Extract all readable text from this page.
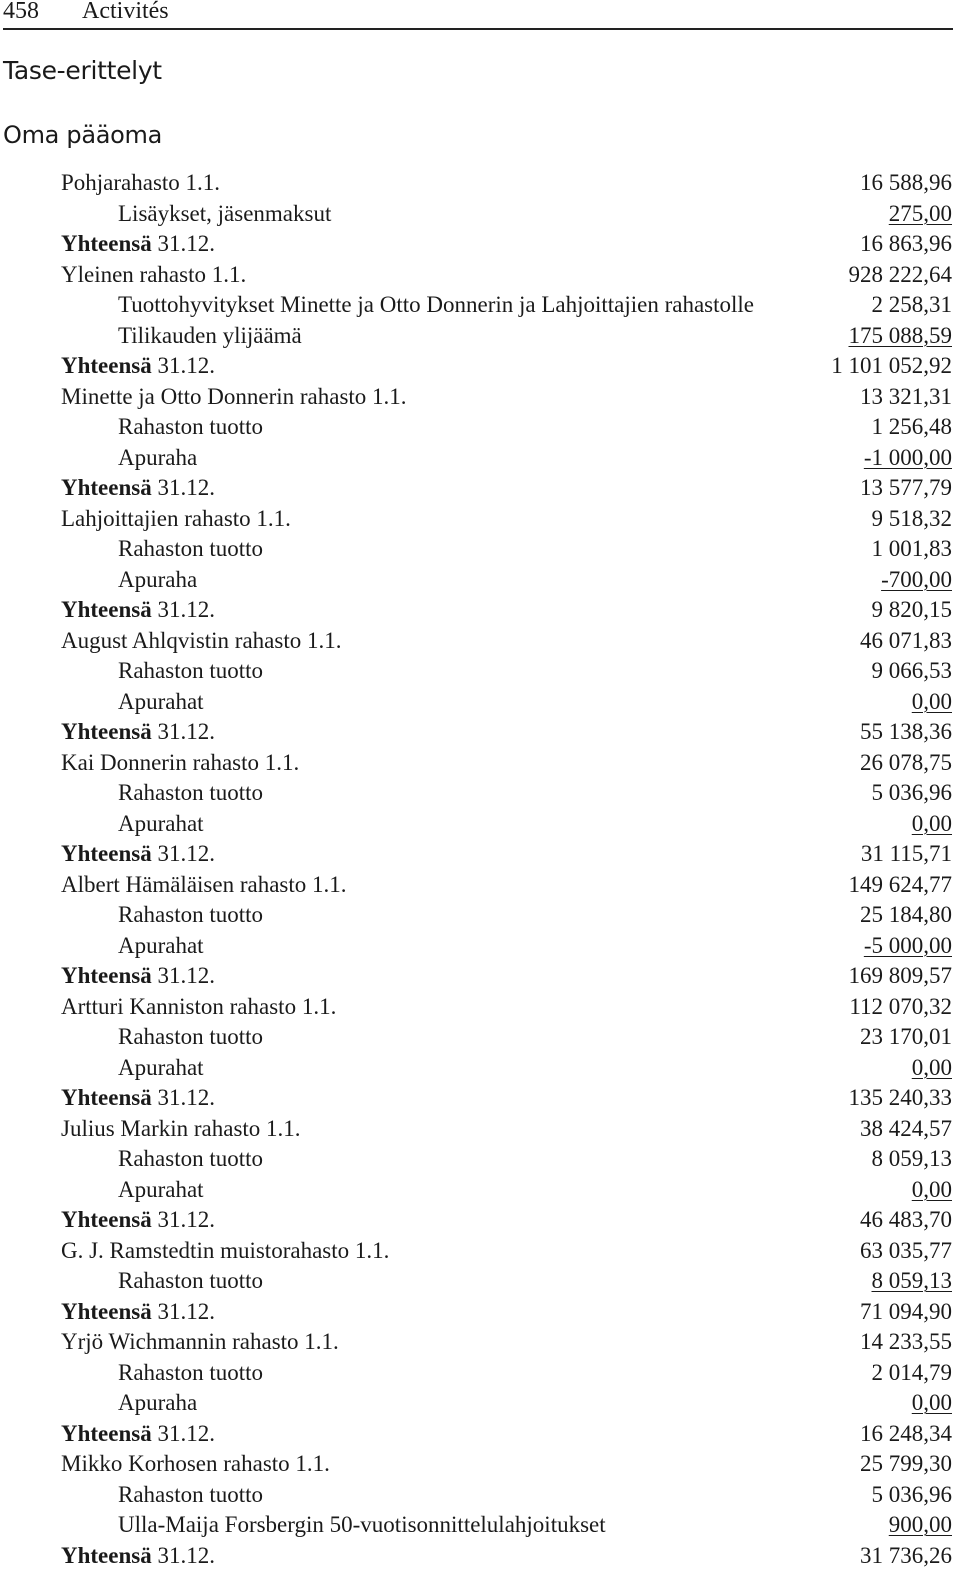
458 Activités
Tase-erittelyt
Oma pääoma
Pohjarahasto 1.1.	16 588,96
Lisäykset, jäsenmaksut	275,00
Yhteensä 31.12.	16 863,96
Yleinen rahasto 1.1.	928 222,64
Tuottohyvitykset Minette ja Otto Donnerin ja Lahjoittajien rahastolle	2 258,31
Tilikauden ylijäämä	175 088,59
Yhteensä 31.12.	1 101 052,92
Minette ja Otto Donnerin rahasto 1.1.	13 321,31
Rahaston tuotto	1 256,48
Apuraha	-1 000,00
Yhteensä 31.12.	13 577,79
Lahjoittajien rahasto 1.1.	9 518,32
Rahaston tuotto	1 001,83
Apuraha	-700,00
Yhteensä 31.12.	9 820,15
August Ahlqvistin rahasto 1.1.	46 071,83
Rahaston tuotto	9 066,53
Apurahat	0,00
Yhteensä 31.12.	55 138,36
Kai Donnerin rahasto 1.1.	26 078,75
Rahaston tuotto	5 036,96
Apurahat	0,00
Yhteensä 31.12.	31 115,71
Albert Hämäläisen rahasto 1.1.	149 624,77
Rahaston tuotto	25 184,80
Apurahat	-5 000,00
Yhteensä 31.12.	169 809,57
Artturi Kanniston rahasto 1.1.	112 070,32
Rahaston tuotto	23 170,01
Apurahat	0,00
Yhteensä 31.12.	135 240,33
Julius Markin rahasto 1.1.	38 424,57
Rahaston tuotto	8 059,13
Apurahat	0,00
Yhteensä 31.12.	46 483,70
G. J. Ramstedtin muistorahasto 1.1.	63 035,77
Rahaston tuotto	8 059,13
Yhteensä 31.12.	71 094,90
Yrjö Wichmannin rahasto 1.1.	14 233,55
Rahaston tuotto	2 014,79
Apuraha	0,00
Yhteensä 31.12.	16 248,34
Mikko Korhosen rahasto 1.1.	25 799,30
Rahaston tuotto	5 036,96
Ulla-Maija Forsbergin 50-vuotisonnittelulahjoitukset	900,00
Yhteensä 31.12.	31 736,26
